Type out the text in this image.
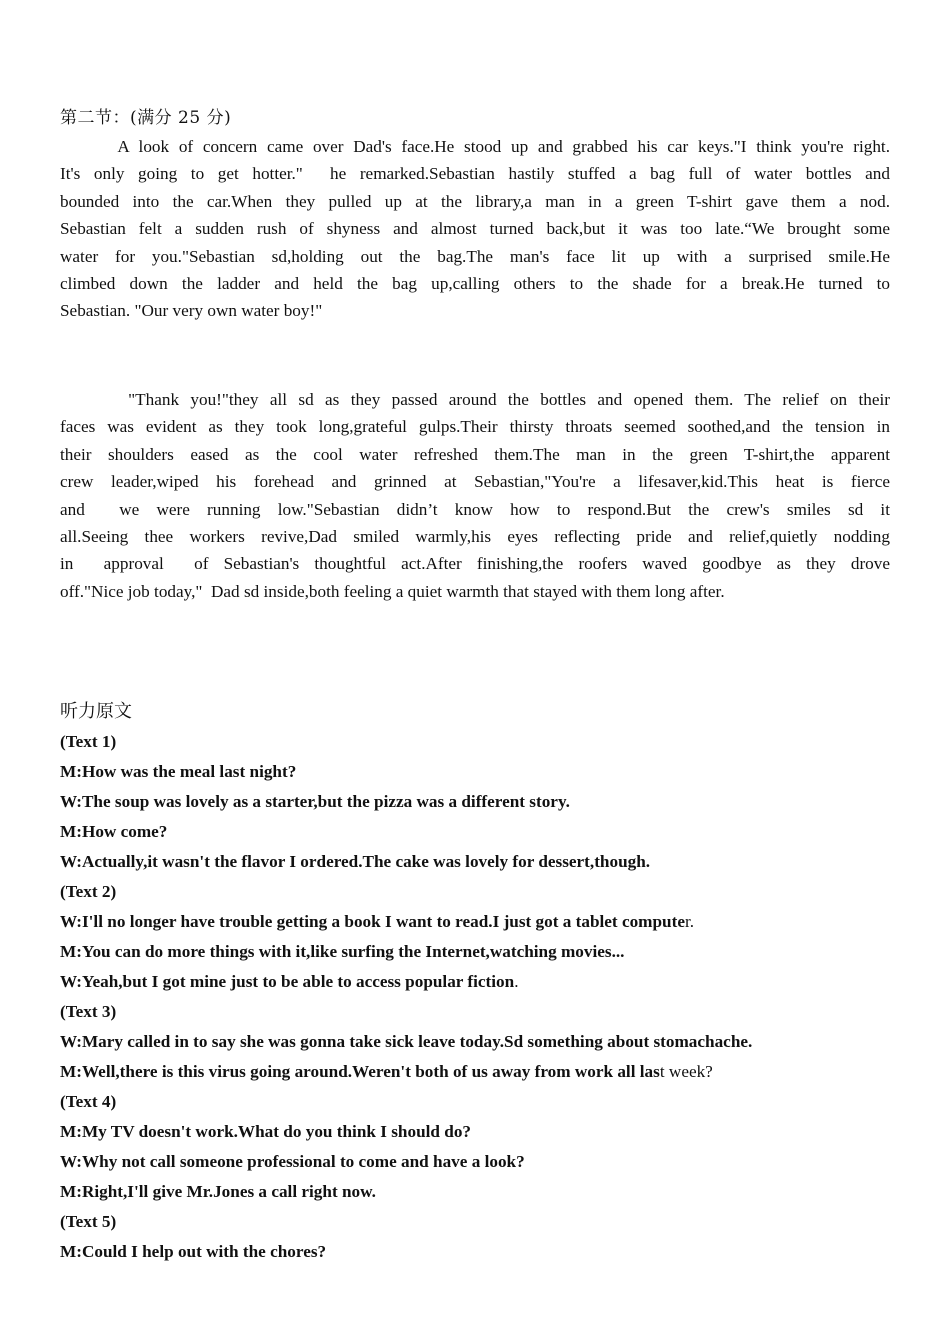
第二节：(满分 25 分)
A look of concern came over Dad's face.He stood up and grabbed his car keys."I think you're right.
It's only going to get hotter."  he remarked.Sebastian hastily stuffed a bag full of water bottles and
bounded into the car.When they pulled up at the library,a man in a green T-shirt gave them a nod.
Sebastian felt a sudden rush of shyness and almost turned back,but it was too late.“We brought some
water for you."Sebastian sd,holding out the bag.The man's face lit up with a surprised smile.He
climbed down the ladder and held the bag up,calling others to the shade for a break.He turned to
Sebastian. "Our very own water boy!"
"Thank you!"they all sd as they passed around the bottles and opened them. The relief on their
faces was evident as they took long,grateful gulps.Their thirsty throats seemed soothed,and the tension in
their shoulders eased as the cool water refreshed them.The man in the green T-shirt,the apparent
crew leader,wiped his forehead and grinned at Sebastian,"You're a lifesaver,kid.This heat is fierce
and  we were running low."Sebastian didn’t know how to respond.But the crew's smiles sd it
all.Seeing thee workers revive,Dad smiled warmly,his eyes reflecting pride and relief,quietly nodding
in  approval  of Sebastian's thoughtful act.After finishing,the roofers waved goodbye as they drove
off."Nice job today,"  Dad sd inside,both feeling a quiet warmth that stayed with them long after.
听力原文
(Text 1)
M:How was the meal last night?
W:The soup was lovely as a starter,but the pizza was a different story.
M:How come?
W:Actually,it wasn't the flavor I ordered.The cake was lovely for dessert,though.
(Text 2)
W:I'll no longer have trouble getting a book I want to read.I just got a tablet computer.
M:You can do more things with it,like surfing the Internet,watching movies...
W:Yeah,but I got mine just to be able to access popular fiction.
(Text 3)
W:Mary called in to say she was gonna take sick leave today.Sd something about stomachache.
M:Well,there is this virus going around.Weren't both of us away from work all last week?
(Text 4)
M:My TV doesn't work.What do you think I should do?
W:Why not call someone professional to come and have a look?
M:Right,I'll give Mr.Jones a call right now.
(Text 5)
M:Could I help out with the chores?
